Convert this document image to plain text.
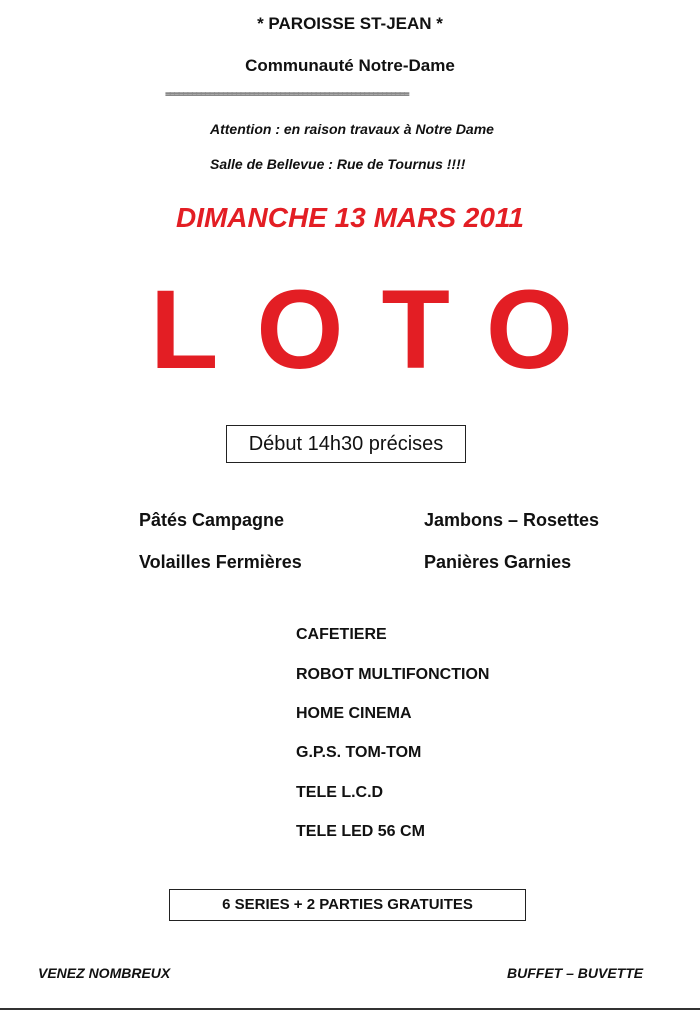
* PAROISSE ST-JEAN *
Communauté Notre-Dame
=======================================================
Attention : en raison travaux à Notre Dame
Salle de Bellevue : Rue de Tournus !!!!
DIMANCHE 13 MARS 2011
LOTO
Début 14h30 précises
Pâtés Campagne
Volailles Fermières
Jambons – Rosettes
Panières Garnies
CAFETIERE
ROBOT MULTIFONCTION
HOME CINEMA
G.P.S. TOM-TOM
TELE L.C.D
TELE LED 56 CM
6 SERIES + 2 PARTIES GRATUITES
VENEZ NOMBREUX	BUFFET – BUVETTE
